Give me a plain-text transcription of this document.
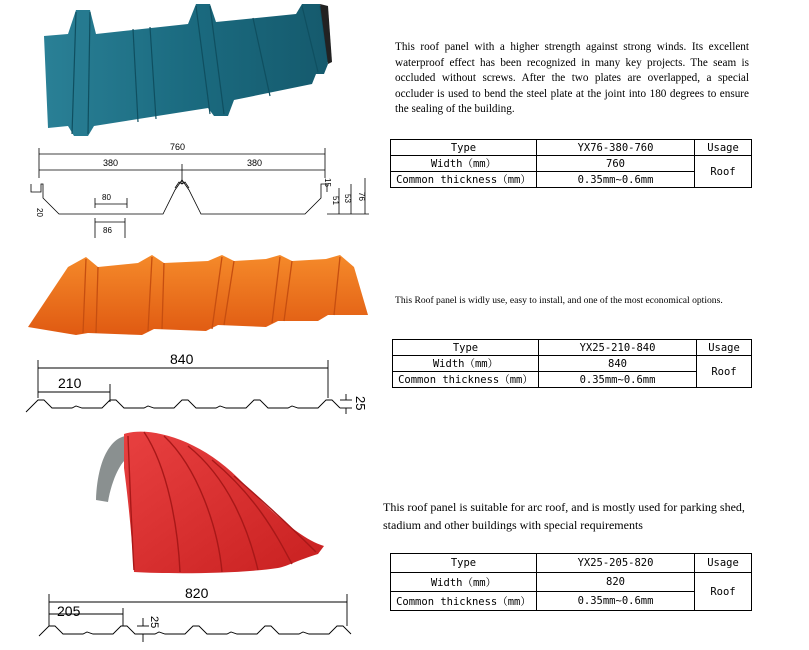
This roof panel with a higher strength against strong winds. Its excellent waterproof effect has been recognized in many key projects. The seam is occluded without screws. After the two plates are overlapped, a special occluder is used to bend the steel plate at the joint into 180 degrees to ensure the sealing of the building.
Type	YX76-380-760	Usage
Width（mm）	760	Roof
Common thickness（mm）	0.35mm~0.6mm	
760
380	380
80
86
20
15
51 53 76
This Roof panel is widly use, easy to install, and one of the most economical options.
Type	YX25-210-840	Usage
Width（mm）	840	Roof
Common thickness（mm）	0.35mm~0.6mm	
840
210
25
This roof panel is suitable for arc roof, and is mostly used for parking shed, stadium and other buildings with special requirements
Type	YX25-205-820	Usage
Width（mm）	820	Roof
Common thickness（mm）	0.35mm~0.6mm	
820
205
25
